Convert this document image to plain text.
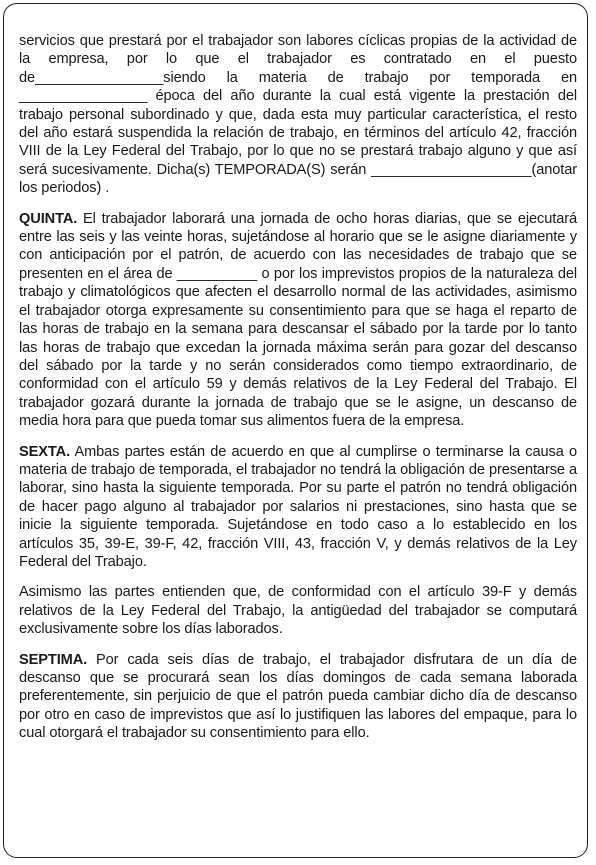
servicios que prestará por el trabajador son labores cíclicas propias de la actividad de la empresa, por lo que el trabajador es contratado en el puesto de________________siendo la materia de trabajo por temporada en ________________ época del año durante la cual está vigente la prestación del trabajo personal subordinado y que, dada esta muy particular característica, el resto del año estará suspendida la relación de trabajo, en términos del artículo 42, fracción VIII de la Ley Federal del Trabajo, por lo que no se prestará trabajo alguno y que así será sucesivamente. Dicha(s) TEMPORADA(S) serán ____________________(anotar los periodos) .

QUINTA. El trabajador laborará una jornada de ocho horas diarias, que se ejecutará entre las seis y las veinte horas, sujetándose al horario que se le asigne diariamente y con anticipación por el patrón, de acuerdo con las necesidades de trabajo que se presenten en el área de __________ o por los imprevistos propios de la naturaleza del trabajo y climatológicos que afecten el desarrollo normal de las actividades, asimismo el trabajador otorga expresamente su consentimiento para que se haga el reparto de las horas de trabajo en la semana para descansar el sábado por la tarde por lo tanto las horas de trabajo que excedan la jornada máxima serán para gozar del descanso del sábado por la tarde y no serán considerados como tiempo extraordinario, de conformidad con el artículo 59 y demás relativos de la Ley Federal del Trabajo. El trabajador gozará durante la jornada de trabajo que se le asigne, un descanso de media hora para que pueda tomar sus alimentos fuera de la empresa.

SEXTA. Ambas partes están de acuerdo en que al cumplirse o terminarse la causa o materia de trabajo de temporada, el trabajador no tendrá la obligación de presentarse a laborar, sino hasta la siguiente temporada. Por su parte el patrón no tendrá obligación de hacer pago alguno al trabajador por salarios ni prestaciones, sino hasta que se inicie la siguiente temporada. Sujetándose en todo caso a lo establecido en los artículos 35, 39-E, 39-F, 42, fracción VIII, 43, fracción V, y demás relativos de la Ley Federal del Trabajo.

Asimismo las partes entienden que, de conformidad con el artículo 39-F y demás relativos de la Ley Federal del Trabajo, la antigüedad del trabajador se computará exclusivamente sobre los días laborados.

SEPTIMA. Por cada seis días de trabajo, el trabajador disfrutara de un día de descanso que se procurará sean los días domingos de cada semana laborada preferentemente, sin perjuicio de que el patrón pueda cambiar dicho día de descanso por otro en caso de imprevistos que así lo justifiquen las labores del empaque, para lo cual otorgará el trabajador su consentimiento para ello.
